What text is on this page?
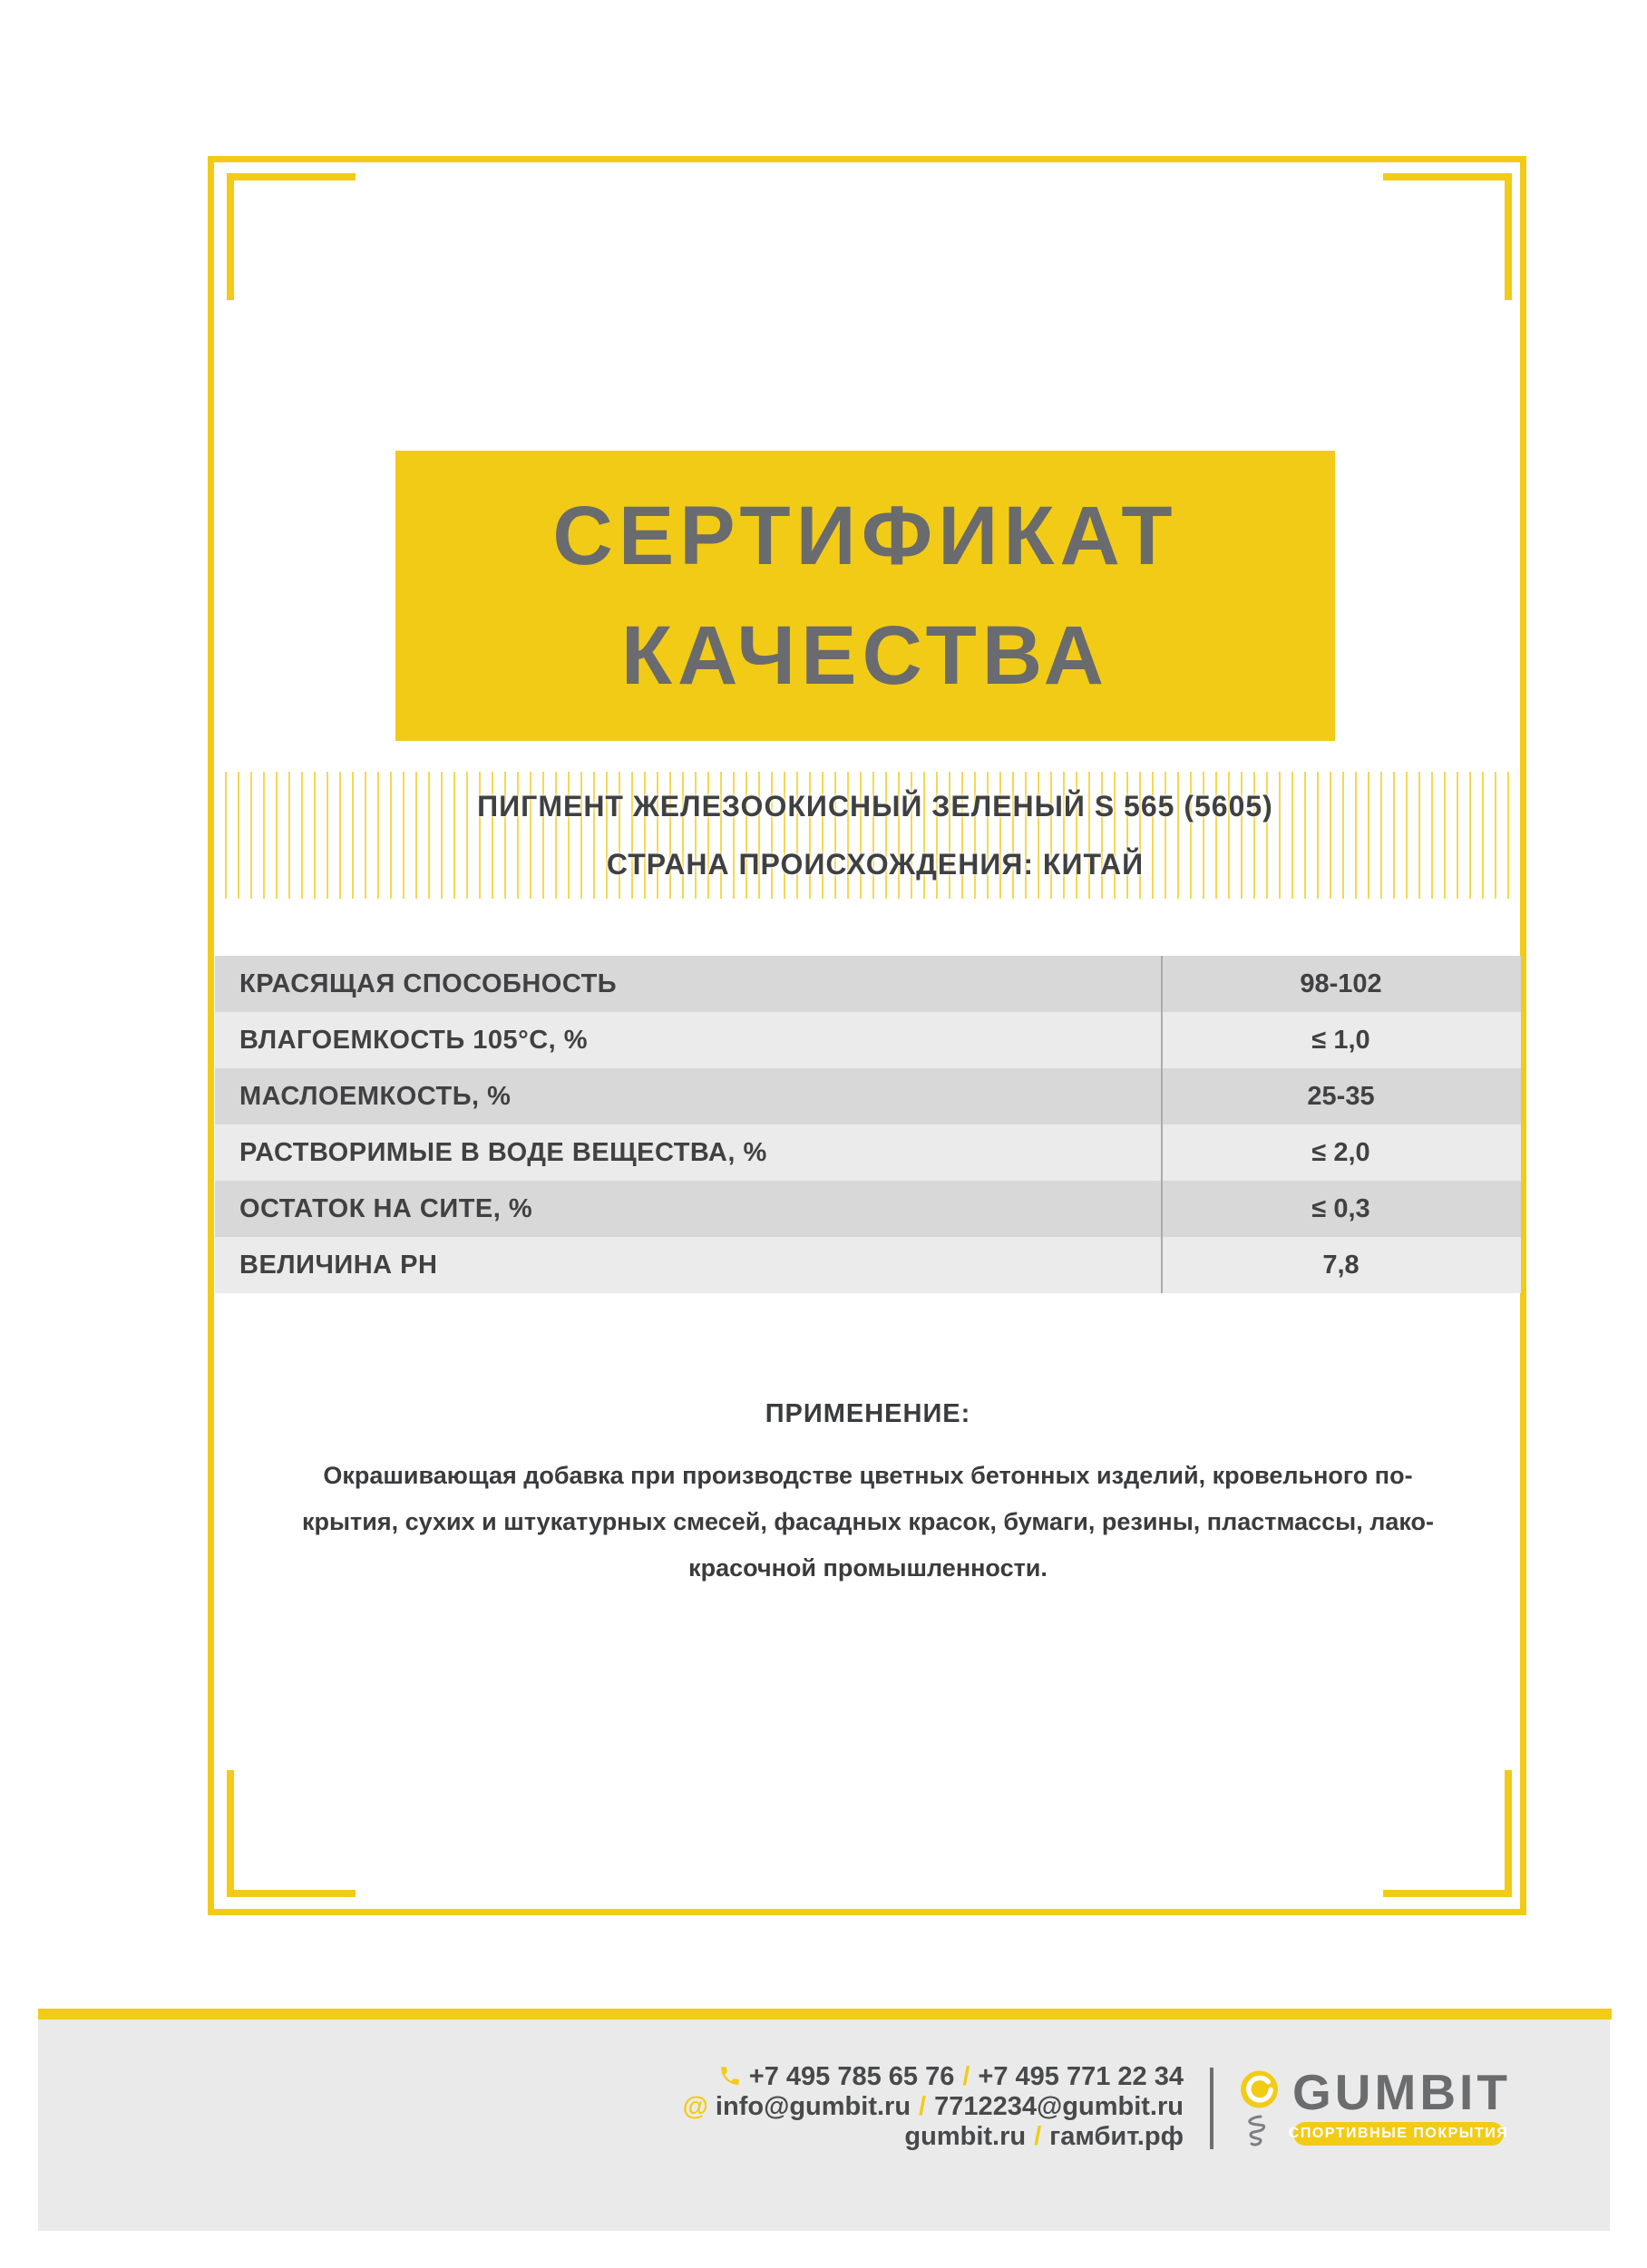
СЕРТИФИКАТ
КАЧЕСТВА
ПИГМЕНТ ЖЕЛЕЗООКИСНЫЙ ЗЕЛЕНЫЙ S 565 (5605)
СТРАНА ПРОИСХОЖДЕНИЯ: КИТАЙ
КРАСЯЩАЯ СПОСОБНОСТЬ	98-102
ВЛАГОЕМКОСТЬ 105°С, %	≤ 1,0
МАСЛОЕМКОСТЬ, %	25-35
РАСТВОРИМЫЕ В ВОДЕ ВЕЩЕСТВА, %	≤ 2,0
ОСТАТОК НА СИТЕ, %	≤ 0,3
ВЕЛИЧИНА PH	7,8
ПРИМЕНЕНИЕ:
Окрашивающая добавка при производстве цветных бетонных изделий, кровельного по-
крытия, сухих и штукатурных смесей, фасадных красок, бумаги, резины, пластмассы, лако-
красочной промышленности.
+7 495 785 65 76 / +7 495 771 22 34
@ info@gumbit.ru / 7712234@gumbit.ru
gumbit.ru / гамбит.рф
GUMBIT
СПОРТИВНЫЕ ПОКРЫТИЯ
